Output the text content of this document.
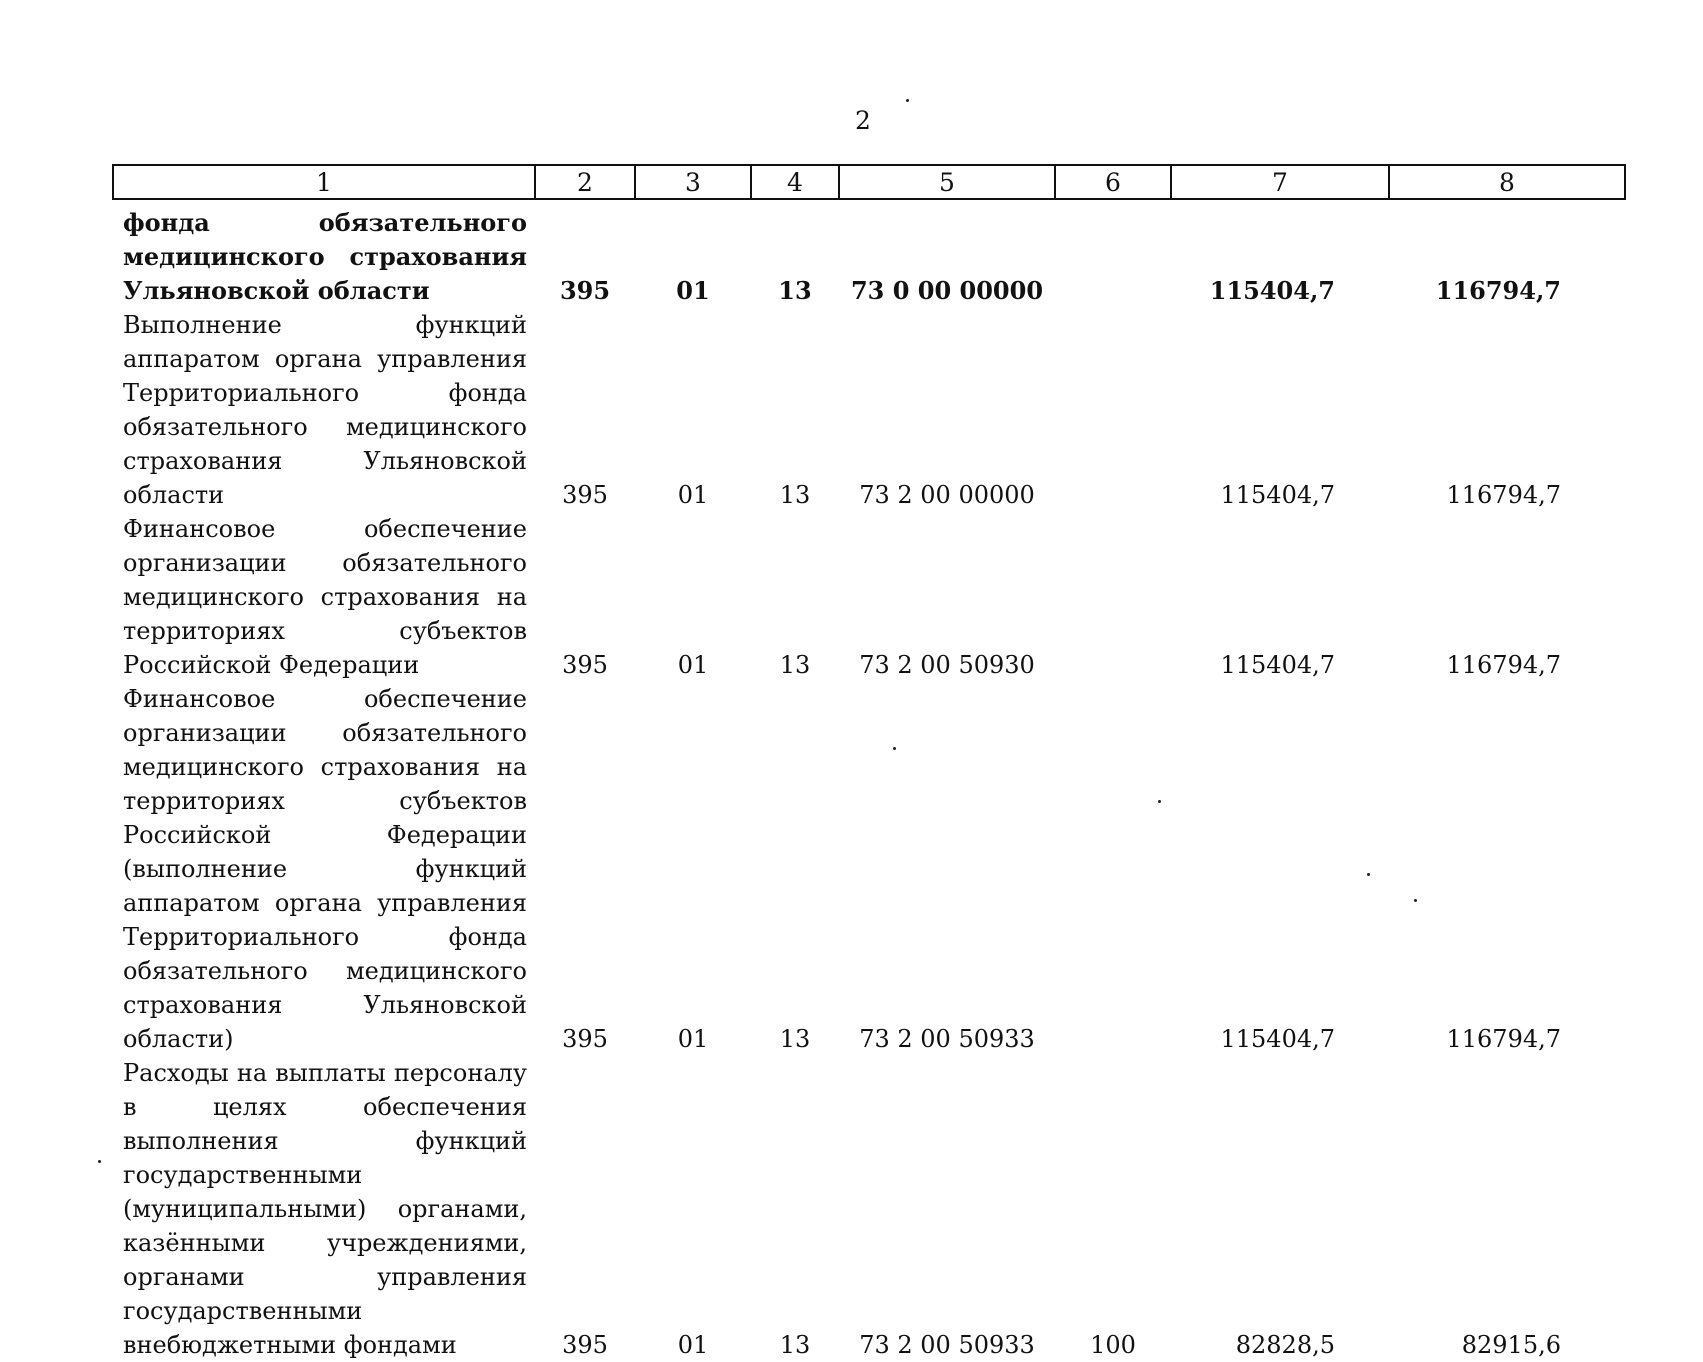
2
1	2	3	4	5	6	7	8
фонда обязательного медицинского страхования Ульяновской области	395	01	13	73 0 00 00000		115404,7	116794,7
Выполнение функций аппаратом органа управления Территориального фонда обязательного медицинского страхования Ульяновской области	395	01	13	73 2 00 00000		115404,7	116794,7
Финансовое обеспечение организации обязательного медицинского страхования на территориях субъектов Российской Федерации	395	01	13	73 2 00 50930		115404,7	116794,7
Финансовое обеспечение организации обязательного медицинского страхования на территориях субъектов Российской Федерации (выполнение функций аппаратом органа управления Территориального фонда обязательного медицинского страхования Ульяновской области)	395	01	13	73 2 00 50933		115404,7	116794,7
Расходы на выплаты персоналу в целях обеспечения выполнения функций государственными (муниципальными) органами, казёнными учреждениями, органами управления государственными внебюджетными фондами	395	01	13	73 2 00 50933	100	82828,5	82915,6
